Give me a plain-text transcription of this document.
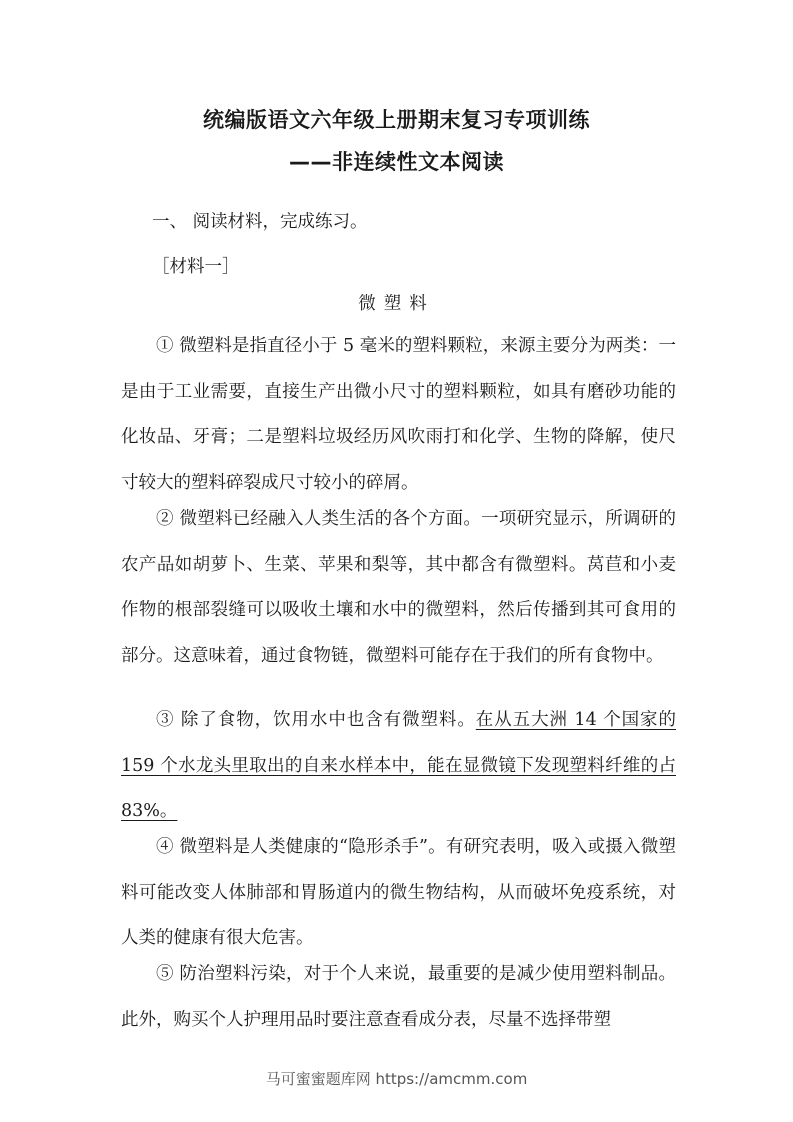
统编版语文六年级上册期末复习专项训练
——非连续性文本阅读
一、 阅读材料，完成练习。
［材料一］
微塑料

① 微塑料是指直径小于 5 毫米的塑料颗粒，来源主要分为两类：一是由于工业需要，直接生产出微小尺寸的塑料颗粒，如具有磨砂功能的化妆品、牙膏；二是塑料垃圾经历风吹雨打和化学、生物的降解，使尺寸较大的塑料碎裂成尺寸较小的碎屑。

② 微塑料已经融入人类生活的各个方面。一项研究显示，所调研的农产品如胡萝卜、生菜、苹果和梨等，其中都含有微塑料。莴苣和小麦作物的根部裂缝可以吸收土壤和水中的微塑料，然后传播到其可食用的部分。这意味着，通过食物链，微塑料可能存在于我们的所有食物中。

③ 除了食物，饮用水中也含有微塑料。在从五大洲 14 个国家的 159 个水龙头里取出的自来水样本中，能在显微镜下发现塑料纤维的占 83%。

④ 微塑料是人类健康的“隐形杀手”。有研究表明，吸入或摄入微塑料可能改变人体肺部和胃肠道内的微生物结构，从而破坏免疫系统，对人类的健康有很大危害。

⑤ 防治塑料污染，对于个人来说，最重要的是减少使用塑料制品。此外，购买个人护理用品时要注意查看成分表，尽量不选择带塑

马可蜜蜜题库网 https://amcmm.com
